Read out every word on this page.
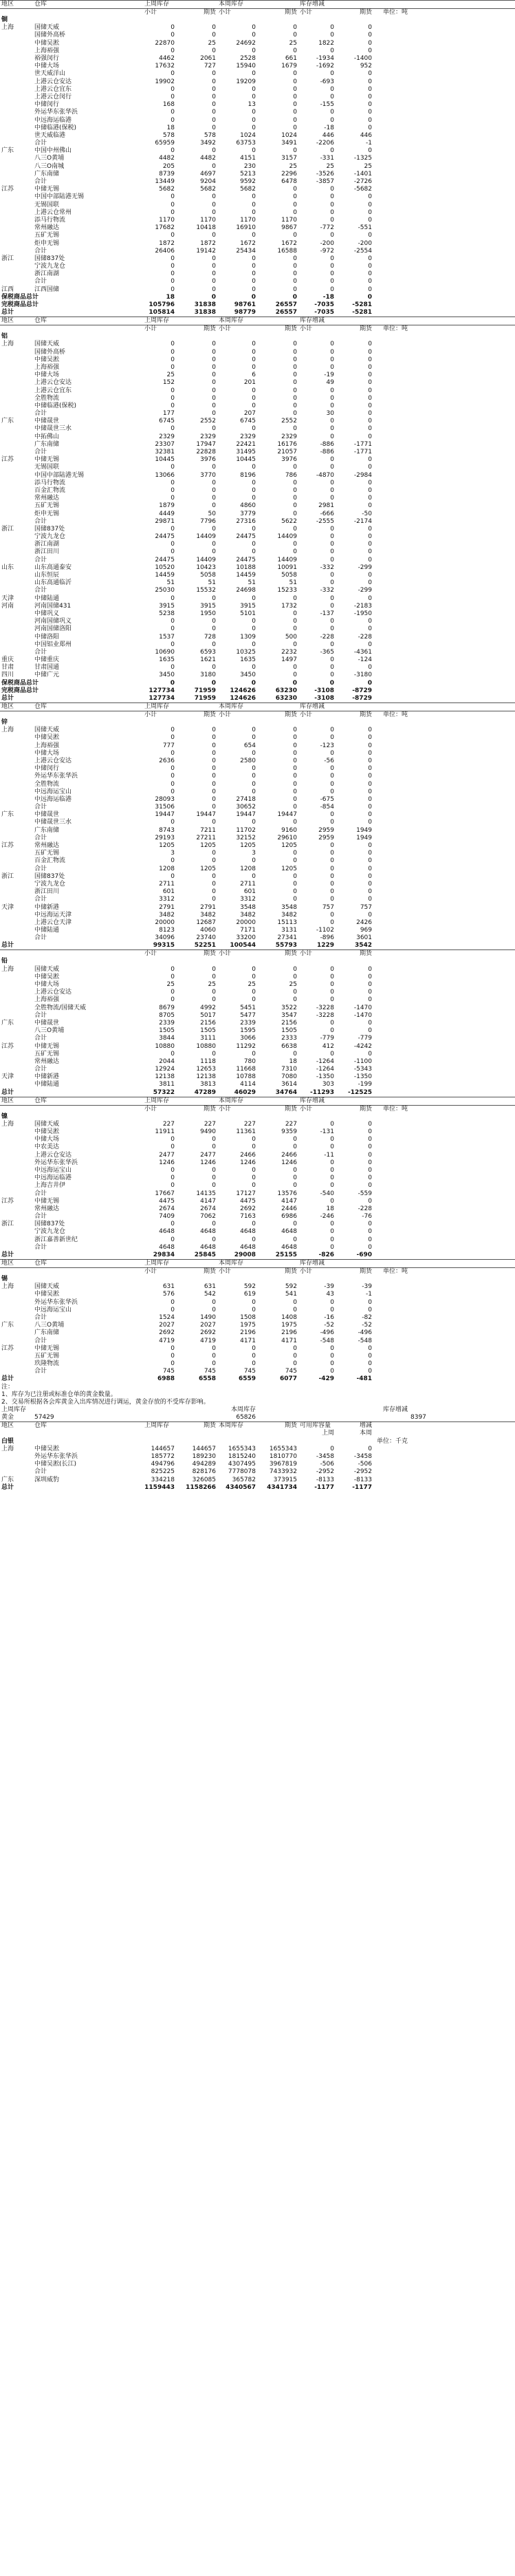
地区	仓库	上周库存		本周库存		库存增减			
		小计	期货	小计	期货	小计	期货	单位：吨	
铜									
上海	国储天威	0	0	0	0	0	0		
	国储外高桥	0	0	0	0	0	0		
	中储吴淞	22870	25	24692	25	1822	0		
	上海裕强	0	0	0	0	0	0		
	裕强闵行	4462	2061	2528	661	-1934	-1400		
	中储大场	17632	727	15940	1679	-1692	952		
	世天威洋山	0	0	0	0	0	0		
	上港云仓安达	19902	0	19209	0	-693	0		
	上港云仓宜东	0	0	0	0	0	0		
	上港云仓闵行	0	0	0	0	0	0		
	中储闵行	168	0	13	0	-155	0		
	外运华东张华浜	0	0	0	0	0	0		
	中远海运临港	0	0	0	0	0	0		
	中储临港(保税)	18	0	0	0	-18	0		
	世天威临港	578	578	1024	1024	446	446		
	合计	65959	3492	63753	3491	-2206	-1		
广东	中国中州佛山	0	0	0	0	0	0		
	八三O黄埔	4482	4482	4151	3157	-331	-1325		
	八三O南城	205	0	230	25	25	25		
	广东南储	8739	4697	5213	2296	-3526	-1401		
	合计	13449	9204	9592	6478	-3857	-2726		
江苏	中储无锡	5682	5682	5682	0	0	-5682		
	中国中部陆港无锡	0	0	0	0	0	0		
	无锡国联	0	0	0	0	0	0		
	上港云仓常州	0	0	0	0	0	0		
	添马行物流	1170	1170	1170	1170	0	0		
	常州融达	17682	10418	16910	9867	-772	-551		
	五矿无锡	0	0	0	0	0	0		
	炬申无锡	1872	1872	1672	1672	-200	-200		
	合计	26406	19142	25434	16588	-972	-2554		
浙江	国储837处	0	0	0	0	0	0		
	宁波九龙仓	0	0	0	0	0	0		
	浙江南湖	0	0	0	0	0	0		
	合计	0	0	0	0	0	0		
江西	江西国储	0	0	0	0	0	0		
保税商品总计		18	0	0	0	-18	0		
完税商品总计		105796	31838	98761	26557	-7035	-5281		
总计		105814	31838	98779	26557	-7035	-5281		
地区	仓库	上周库存		本周库存		库存增减			
		小计	期货	小计	期货	小计	期货	单位：吨	
铝									
上海	国储天威	0	0	0	0	0	0		
	国储外高桥	0	0	0	0	0	0		
	中储吴淞	0	0	0	0	0	0		
	上海裕强	0	0	0	0	0	0		
	中储大场	25	0	6	0	-19	0		
	上港云仓安达	152	0	201	0	49	0		
	上港云仓宜东	0	0	0	0	0	0		
	全胜物流	0	0	0	0	0	0		
	中储临港(保税)	0	0	0	0	0	0		
	合计	177	0	207	0	30	0		
广东	中储晟世	6745	2552	6745	2552	0	0		
	中储晟世三水	0	0	0	0	0	0		
	中拓佛山	2329	2329	2329	2329	0	0		
	广东南储	23307	17947	22421	16176	-886	-1771		
	合计	32381	22828	31495	21057	-886	-1771		
江苏	中储无锡	10445	3976	10445	3976	0	0		
	无锡国联	0	0	0	0	0	0		
	中国中部陆港无锡	13066	3770	8196	786	-4870	-2984		
	添马行物流	0	0	0	0	0	0		
	百金汇物流	0	0	0	0	0	0		
	常州融达	0	0	0	0	0	0		
	五矿无锡	1879	0	4860	0	2981	0		
	炬申无锡	4449	50	3779	0	-666	-50		
	合计	29871	7796	27316	5622	-2555	-2174		
浙江	国储837处	0	0	0	0	0	0		
	宁波九龙仓	24475	14409	24475	14409	0	0		
	浙江南湖	0	0	0	0	0	0		
	浙江田川	0	0	0	0	0	0		
	合计	24475	14409	24475	14409	0	0		
山东	山东高通泰安	10520	10423	10188	10091	-332	-299		
	山东恒辰	14459	5058	14459	5058	0	0		
	山东高通临沂	51	51	51	51	0	0		
	合计	25030	15532	24698	15233	-332	-299		
天津	中储陆通	0	0	0	0	0	0		
河南	河南国储431	3915	3915	3915	1732	0	-2183		
	中储巩义	5238	1950	5101	0	-137	-1950		
	河南国储巩义	0	0	0	0	0	0		
	河南国储洛阳	0	0	0	0	0	0		
	中储洛阳	1537	728	1309	500	-228	-228		
	中国铝业郑州	0	0	0	0	0	0		
	合计	10690	6593	10325	2232	-365	-4361		
重庆	中储重庆	1635	1621	1635	1497	0	-124		
甘肃	甘肃国通	0	0	0	0	0	0		
四川	中储广元	3450	3180	3450	0	0	-3180		
保税商品总计		0	0	0	0	0	0		
完税商品总计		127734	71959	124626	63230	-3108	-8729		
总计		127734	71959	124626	63230	-3108	-8729		
地区	仓库	上周库存		本周库存		库存增减			
		小计	期货	小计	期货	小计	期货	单位：吨	
锌									
上海	国储天威	0	0	0	0	0	0		
	中储吴淞	0	0	0	0	0	0		
	上海裕强	777	0	654	0	-123	0		
	中储大场	0	0	0	0	0	0		
	上港云仓安达	2636	0	2580	0	-56	0		
	中储闵行	0	0	0	0	0	0		
	外运华东张华浜	0	0	0	0	0	0		
	全胜物流	0	0	0	0	0	0		
	中远海运宝山	0	0	0	0	0	0		
	中远海运临港	28093	0	27418	0	-675	0		
	合计	31506	0	30652	0	-854	0		
广东	中储晟世	19447	19447	19447	19447	0	0		
	中储晟世三水	0	0	0	0	0	0		
	广东南储	8743	7211	11702	9160	2959	1949		
	合计	29193	27211	32152	29610	2959	1949		
江苏	常州融达	1205	1205	1205	1205	0	0		
	五矿无锡	3	0	3	0	0	0		
	百金汇物流	0	0	0	0	0	0		
	合计	1208	1205	1208	1205	0	0		
浙江	国储837处	0	0	0	0	0	0		
	宁波九龙仓	2711	0	2711	0	0	0		
	浙江田川	601	0	601	0	0	0		
	合计	3312	0	3312	0	0	0		
天津	中储新港	2791	2791	3548	3548	757	757		
	中远海运天津	3482	3482	3482	3482	0	0		
	上港云仓天津	20000	12687	20000	15113	0	2426		
	中储陆通	8123	4060	7171	3131	-1102	969		
	合计	34096	23740	33200	27341	-896	3601		
总计		99315	52251	100544	55793	1229	3542		
		小计	期货	小计	期货	小计	期货		
铅									
上海	国储天威	0	0	0	0	0	0		
	中储吴淞	0	0	0	0	0	0		
	中储大场	25	25	25	25	0	0		
	上港云仓安达	0	0	0	0	0	0		
	上海裕强	0	0	0	0	0	0		
	全胜物流/国储天威	8679	4992	5451	3522	-3228	-1470		
	合计	8705	5017	5477	3547	-3228	-1470		
广东	中储晟世	2339	2156	2339	2156	0	0		
	八三O黄埔	1505	1505	1595	1505	0	0		
	合计	3844	3111	3066	2333	-779	-779		
江苏	中储无锡	10880	10880	11292	6638	412	-4242		
	五矿无锡	0	0	0	0	0	0		
	常州融达	2044	1118	780	18	-1264	-1100		
	合计	12924	12653	11668	7310	-1264	-5343		
天津	中储新港	12138	12138	10788	7080	-1350	-1350		
	中储陆通	3811	3813	4114	3614	303	-199		
总计		57322	47289	46029	34764	-11293	-12525		
地区	仓库	上周库存		本周库存		库存增减			
		小计	期货	小计	期货	小计	期货	单位：吨	
镍									
上海	国储天威	227	227	227	227	0	0		
	中储吴淞	11911	9490	11361	9359	-131	0		
	中储大场	0	0	0	0	0	0		
	中农美达	0	0	0	0	0	0		
	上港云仓安达	2477	2477	2466	2466	-11	0		
	外运华东张华浜	1246	1246	1246	1246	0	0		
	中远海运宝山	0	0	0	0	0	0		
	中远海运临港	0	0	0	0	0	0		
	上海吉井伊	0	0	0	0	0	0		
	合计	17667	14135	17127	13576	-540	-559		
江苏	中储无锡	4475	4147	4475	4147	0	0		
	常州融达	2674	2674	2692	2446	18	-228		
	合计	7409	7062	7163	6986	-246	-76		
浙江	国储837处	0	0	0	0	0	0		
	宁波九龙仓	4648	4648	4648	4648	0	0		
	浙江嘉善新世纪	0	0	0	0	0	0		
	合计	4648	4648	4648	4648	0	0		
总计		29834	25845	29008	25155	-826	-690		
地区	仓库	上周库存		本周库存		库存增减			
		小计	期货	小计	期货	小计	期货	单位：吨	
锡									
上海	国储天威	631	631	592	592	-39	-39		
	中储吴淞	576	542	619	541	43	-1		
	外运华东张华浜	0	0	0	0	0	0		
	中远海运宝山	0	0	0	0	0	0		
	合计	1524	1490	1508	1408	-16	-82		
广东	八三O黄埔	2027	2027	1975	1975	-52	-52		
	广东南储	2692	2692	2196	2196	-496	-496		
	合计	4719	4719	4171	4171	-548	-548		
江苏	中储无锡	0	0	0	0	0	0		
	五矿无锡	0	0	0	0	0	0		
	玖隆物流	0	0	0	0	0	0		
	合计	745	745	745	745	0	0		
总计		6988	6558	6559	6077	-429	-481		
注：									
1、库存为已注册或标准仓单的黄金数量。									
2、交易所根据各会库黄金入出库情况进行调运，黄金存放的不受库存影响。									
上周库存				本周库存				库存增减	
黄金	57429			65826					8397
地区	仓库	上周库存	期货	本周库存	期货	可用库容量	增减		
						上周	本周		
白银								单位：千克	
上海	中储吴淞	144657	144657	1655343	1655343	0	0		
	外运华东张华浜	185772	189230	1815240	1810770	-3458	-3458		
	中储吴淞(长江)	494796	494289	4307495	3967819	-506	-506		
	合计	825225	828176	7778078	7433932	-2952	-2952		
广东	深圳威豹	334218	326085	365782	373915	-8133	-8133		
总计		1159443	1158266	4340567	4341734	-1177	-1177		
